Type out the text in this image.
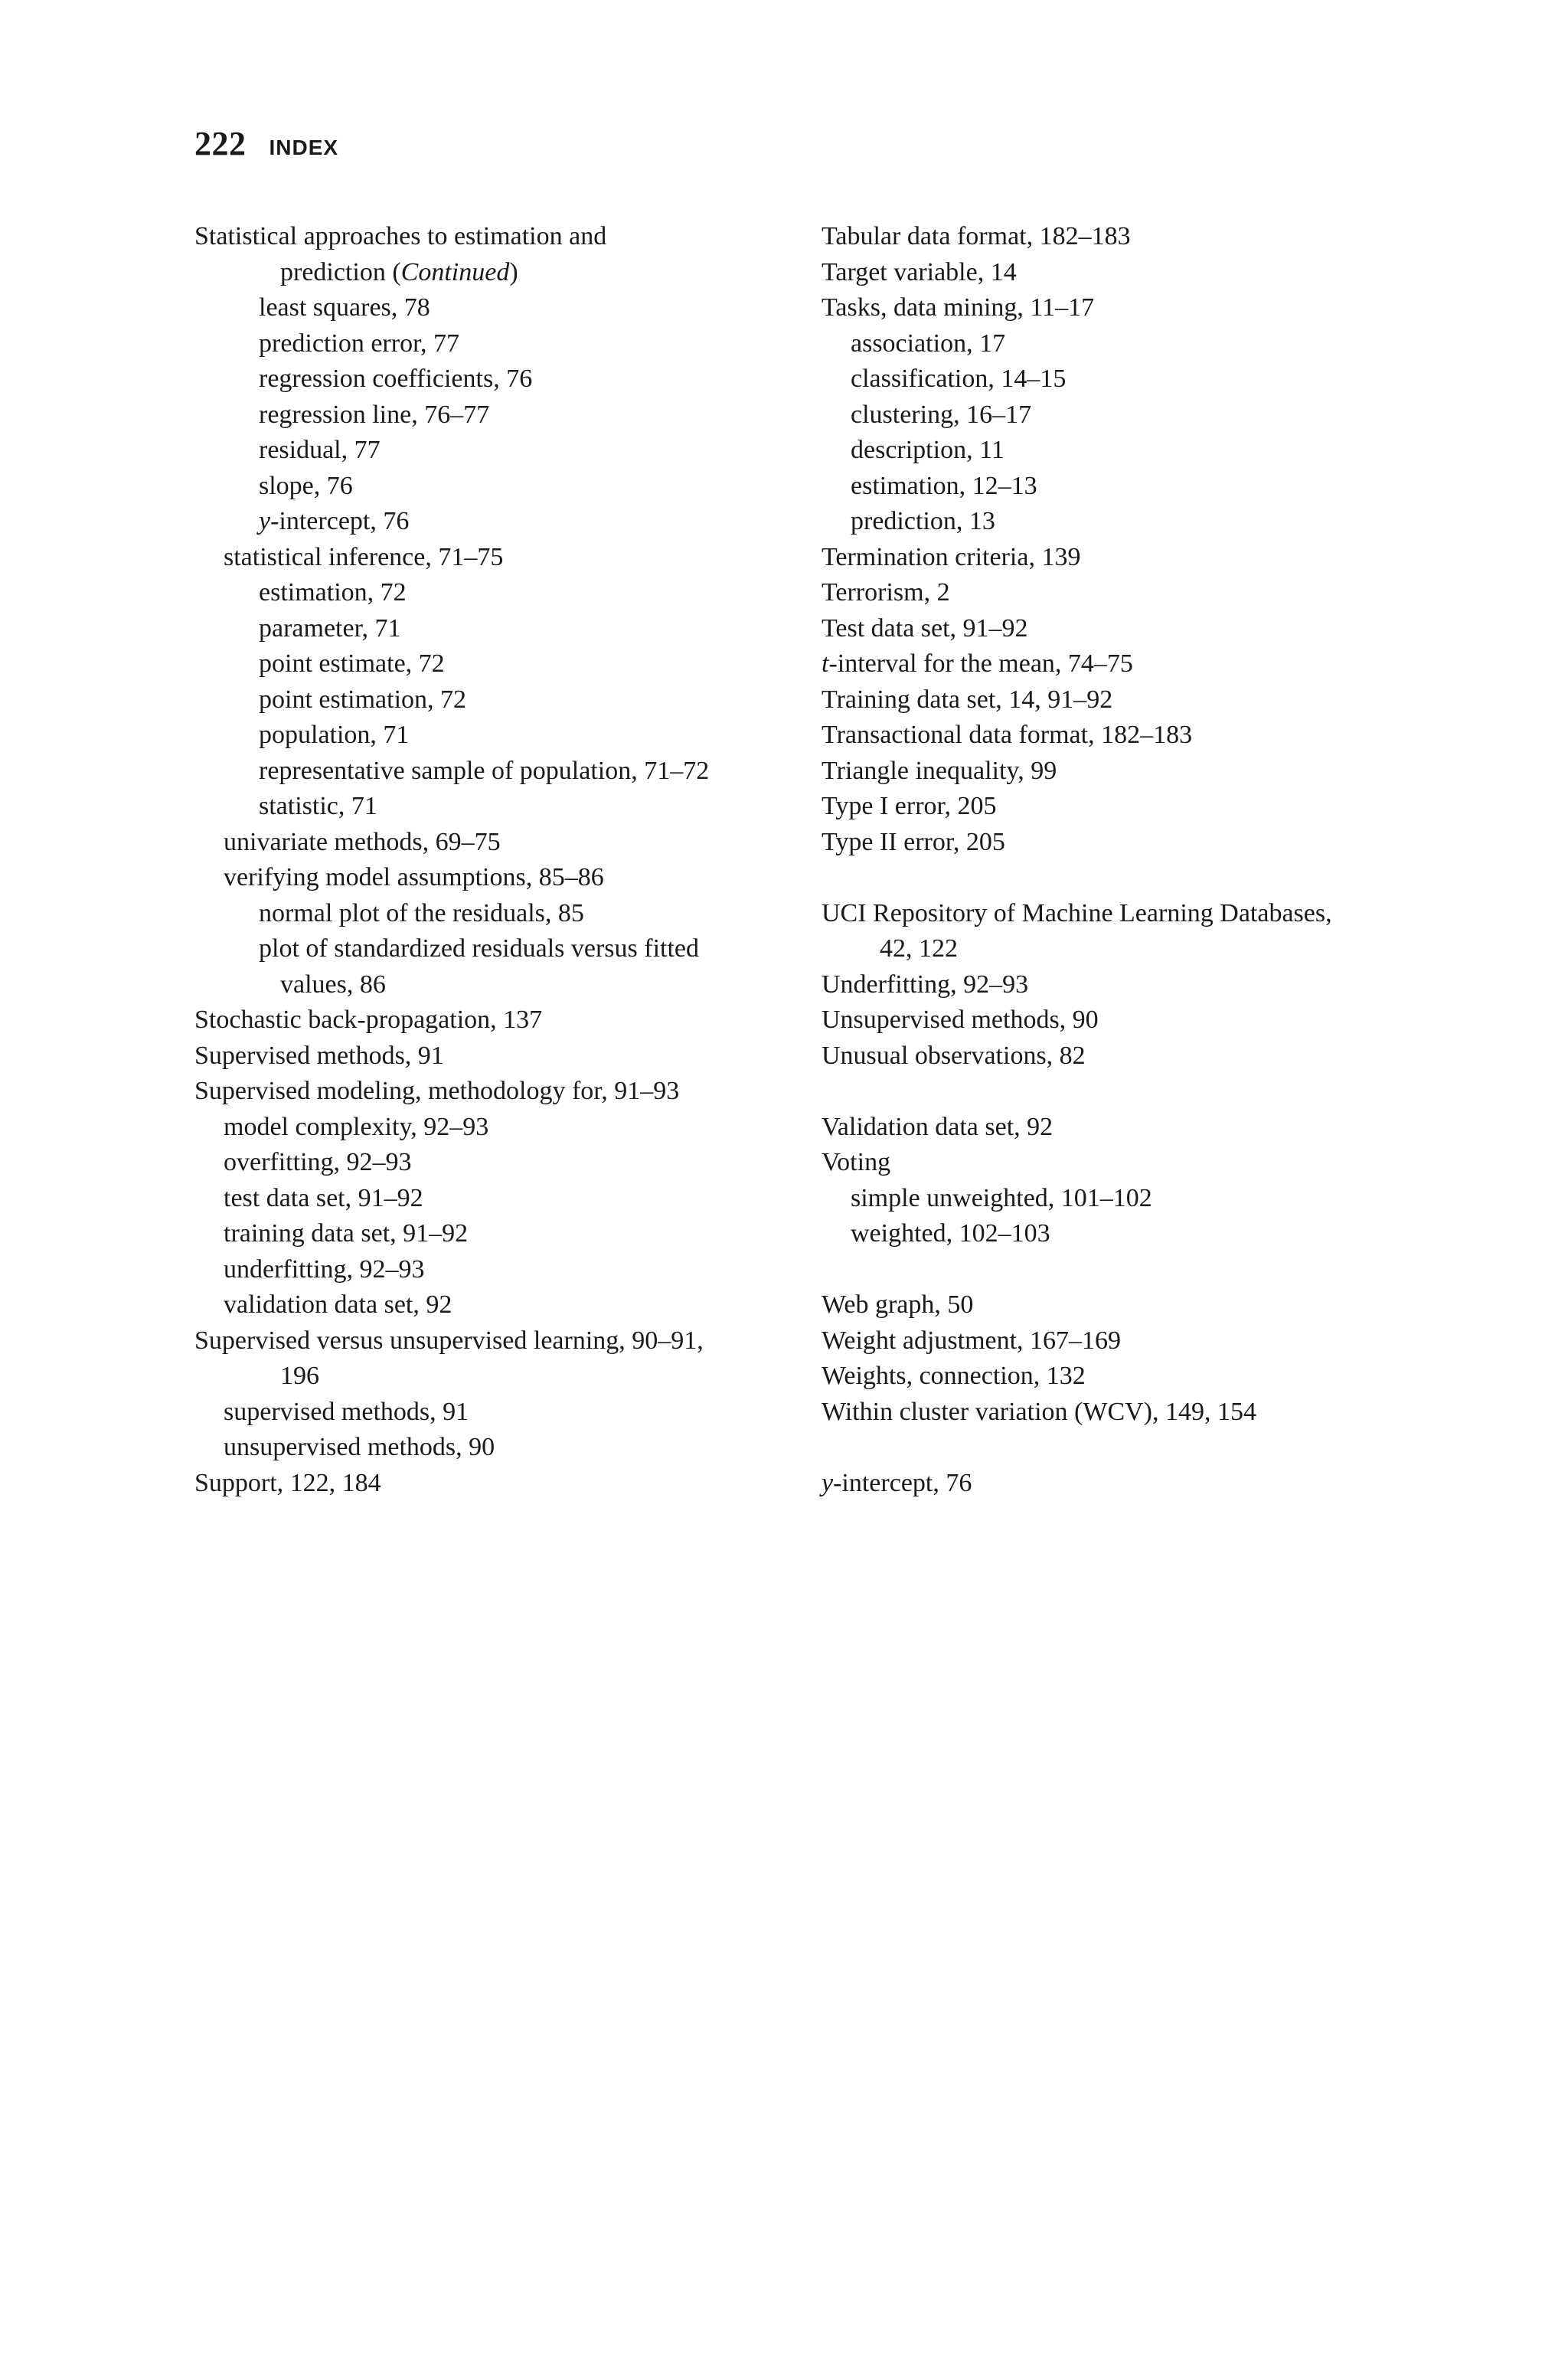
222 INDEX
Statistical approaches to estimation and
prediction (Continued)
least squares, 78
prediction error, 77
regression coefficients, 76
regression line, 76–77
residual, 77
slope, 76
y-intercept, 76
statistical inference, 71–75
estimation, 72
parameter, 71
point estimate, 72
point estimation, 72
population, 71
representative sample of population, 71–72
statistic, 71
univariate methods, 69–75
verifying model assumptions, 85–86
normal plot of the residuals, 85
plot of standardized residuals versus fitted
values, 86
Stochastic back-propagation, 137
Supervised methods, 91
Supervised modeling, methodology for, 91–93
model complexity, 92–93
overfitting, 92–93
test data set, 91–92
training data set, 91–92
underfitting, 92–93
validation data set, 92
Supervised versus unsupervised learning, 90–91,
196
supervised methods, 91
unsupervised methods, 90
Support, 122, 184
Tabular data format, 182–183
Target variable, 14
Tasks, data mining, 11–17
association, 17
classification, 14–15
clustering, 16–17
description, 11
estimation, 12–13
prediction, 13
Termination criteria, 139
Terrorism, 2
Test data set, 91–92
t-interval for the mean, 74–75
Training data set, 14, 91–92
Transactional data format, 182–183
Triangle inequality, 99
Type I error, 205
Type II error, 205
UCI Repository of Machine Learning Databases,
42, 122
Underfitting, 92–93
Unsupervised methods, 90
Unusual observations, 82
Validation data set, 92
Voting
simple unweighted, 101–102
weighted, 102–103
Web graph, 50
Weight adjustment, 167–169
Weights, connection, 132
Within cluster variation (WCV), 149, 154
y-intercept, 76
